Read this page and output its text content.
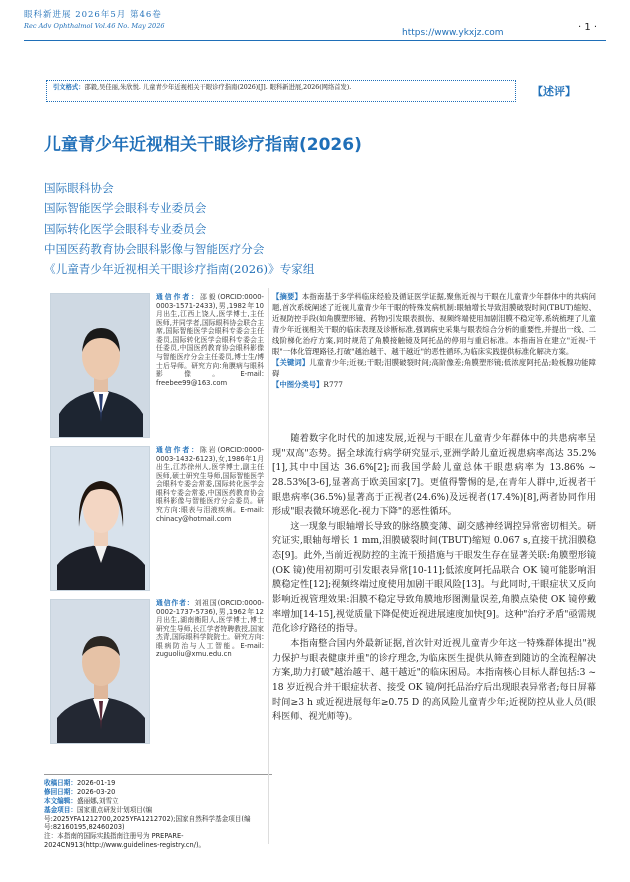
眼科新进展 2026年5月 第46卷
Rec Adv Ophthalmol Vol.46 No. May 2026
https://www.ykxjz.com	· 1 ·
引文格式：邵毅,吴佳丽,朱欣悦. 儿童青少年近视相关干眼诊疗指南(2026)[J]. 眼科新进展,2026(网络首发).	【述评】
儿童青少年近视相关干眼诊疗指南(2026)
国际眼科协会
国际智能医学会眼科专业委员会
国际转化医学会眼科专业委员会
中国医药教育协会眼科影像与智能医疗分会
《儿童青少年近视相关干眼诊疗指南(2026)》专家组
通信作者：邵毅(ORCID:0000-0003-1571-2433),男,1982年10月出生,江西上饶人,医学博士,主任医师,并同学者,国际眼科协会联合主席,国际智能医学会眼科专委会主任委员,国际转化医学会眼科专委会主任委员,中国医药教育协会眼科影像与智能医疗分会主任委员,博士生/博士后导师。研究方向:角膜病与眼科影像。E-mail: freebee99@163.com
通信作者：陈岩(ORCID:0000-0003-1432-6123),女,1986年1月出生,江苏徐州人,医学博士,副主任医师,硕士研究生导师,国际智能医学会眼科专委会常委,国际转化医学会眼科专委会常委,中国医药教育协会眼科影像与智能医疗分会委员。研究方向:眼表与泪液疾病。E-mail: chinacy@hotmail.com
通信作者：刘祖国(ORCID:0000-0002-1737-5736),男,1962年12月出生,湖南衡阳人,医学博士,博士研究生导师,长江学者特聘教授,国家杰青,国际眼科学院院士。研究方向:眼病防治与人工智能。E-mail: zuguoliu@xmu.edu.cn
收稿日期：2026-01-19
修回日期：2026-03-20
本文编辑：盛丽娜,刘雪立
基金项目：国家重点研发计划项目(编号:2025YFA1212700,2025YFA1212702);国家自然科学基金项目(编号:82160195,82460203)
注：本指南的国际实践指南注册号为 PREPARE-2024CN913(http://www.guidelines-registry.cn/)。
【摘要】本指南基于多学科临床经验及循证医学证据,聚焦近视与干眼在儿童青少年群体中的共病问题,首次系统阐述了近视儿童青少年干眼的特殊发病机制:眼轴增长导致泪膜破裂时间(TBUT)缩短、近视防控手段(如角膜塑形镜、药物)引发眼表损伤、视频终端使用加剧泪膜不稳定等,系统梳理了儿童青少年近视相关干眼的临床表现及诊断标准,强调病史采集与眼表综合分析的重要性,并提出一线、二线阶梯化治疗方案,同时规范了角膜接触镜及阿托品的停用与重启标准。本指南旨在建立"近视-干眼"一体化管理路径,打破"越治越干、越干越近"的恶性循环,为临床实践提供标准化解决方案。
【关键词】儿童青少年;近视;干眼;泪膜破裂时间;高阶像差;角膜塑形镜;低浓度阿托品;睑板腺功能障碍
【中图分类号】R777

随着数字化时代的加速发展,近视与干眼在儿童青少年群体中的共患病率呈现"双高"态势。据全球流行病学研究显示,亚洲学龄儿童近视患病率高达 35.2%[1],其中中国达 36.6%[2];而我国学龄儿童总体干眼患病率为 13.86% ~ 28.53%[3-6],显著高于欧美国家[7]。更值得警惕的是,在青年人群中,近视者干眼患病率(36.5%)显著高于正视者(24.6%)及远视者(17.4%)[8],两者协同作用形成"眼表微环境恶化-视力下降"的恶性循环。

这一现象与眼轴增长导致的脉络膜变薄、副交感神经调控异常密切相关。研究证实,眼轴每增长 1 mm,泪膜破裂时间(TBUT)缩短 0.067 s,直接干扰泪膜稳态[9]。此外,当前近视防控的主流干预措施与干眼发生存在显著关联:角膜塑形镜(OK 镜)使用初期可引发眼表异常[10-11];低浓度阿托品联合 OK 镜可能影响泪膜稳定性[12];视频终端过度使用加剧干眼风险[13]。与此同时,干眼症状又反向影响近视管理效果:泪膜不稳定导致角膜地形图测量误差,角膜点染使 OK 镜停戴率增加[14-15],视觉质量下降促使近视进展速度加快[9]。这种"治疗矛盾"亟需规范化诊疗路径的指导。

本指南整合国内外最新证据,首次针对近视儿童青少年这一特殊群体提出"视力保护与眼表健康并重"的诊疗理念,为临床医生提供从筛查到随访的全流程解决方案,助力打破"越治越干、越干越近"的临床困局。本指南核心目标人群包括:3 ~ 18 岁近视合并干眼症状者、接受 OK 镜/阿托品治疗后出现眼表异常者;每日屏幕时间≥3 h 或近视进展每年≥0.75 D 的高风险儿童青少年;近视防控从业人员(眼科医师、视光师等)。
